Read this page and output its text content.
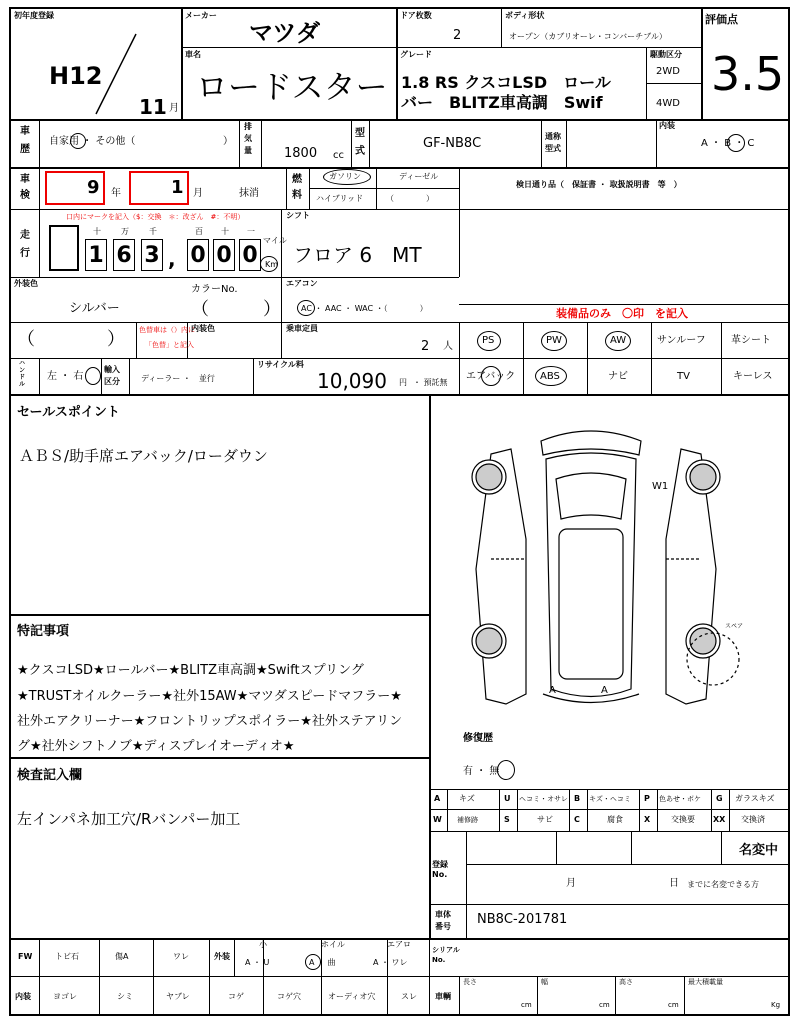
初年度登録
H12
11 月
メーカー
マツダ
車名
ロードスター
ドア枚数
2
ボディ形状
オープン（カブリオーレ・コンバーチブル）
グレード
1.8 RS クスコLSD　ロール
バー　BLITZ車高調　Swif
駆動区分
2WD
4WD
評価点
3.5
車
歴
自家用 ・ その他（	）
排
気
量 1800 cc
型
式
GF-NB8C	通称
型式
内装
A ・ B ・ C
車
検	9 年	1 月	抹消
燃
料
ガソリン	ディーゼル
ハイブリッド	（　　　　）
検日通り品（　保証書 ・ 取扱説明書　等　）
走
行
口内にマークを記入（$：交換　＊：改ざん　#：不明）
十	万	千	百 十 一
1 6 3 , 0 0 0
マイル
Km
シフト
フロア 6　MT
外装色
シルバー
カラーNo.
（　　　）
エアコン
AC ・ AAC ・ WAC ・（　　　　）	装備品のみ　〇印　を記入
（　　　　） 色替車は（）内に
「色替」と記入
内装色	乗車定員
2 人
PS	PW	AW	サンルーフ	革シート
エアバック ABS	ナビ	TV	キーレス
ハ
ン
ド
ル
左 ・ 右
輸入
区分	ディーラー ・　並行
リサイクル料
10,090 円 ・ 預託無
セールスポイント
ＡＢＳ/助手席エアバック/ローダウン
特記事項
★クスコLSD★ロールバー★BLITZ車高調★Swiftスプリング
★TRUSTオイルクーラー★社外15AW★マツダスピードマフラー★
社外エアクリーナー★フロントリップスポイラー★社外ステアリン
グ★社外シフトノブ★ディスプレイオーディオ★
検査記入欄
左インパネ加工穴/Rバンパー加工
W1
A	A
スペア
修復歴
有 ・ 無
A キズ	U ヘコミ・オサレ B キズ・ヘコミ P 色あせ・ボケ G ガラスキズ
W 補修跡	S	サビ	C	腐食	X	交換要 XX 交換済
登録
No.
名変中
月	日 までに名変できる方
車体
番号 NB8C-201781
FW	トビ石	傷A	ワレ	外装
小
A ・ U
ホイル
A ・ 曲
エアロ
A ・ ワレ
シリアル
No.
内装	ヨゴレ	シミ	ヤブレ	コゲ	コゲ穴	オーディオ穴	スレ 車輌
長さ	幅	高さ	最大積載量
cm	cm	cm	Kg
